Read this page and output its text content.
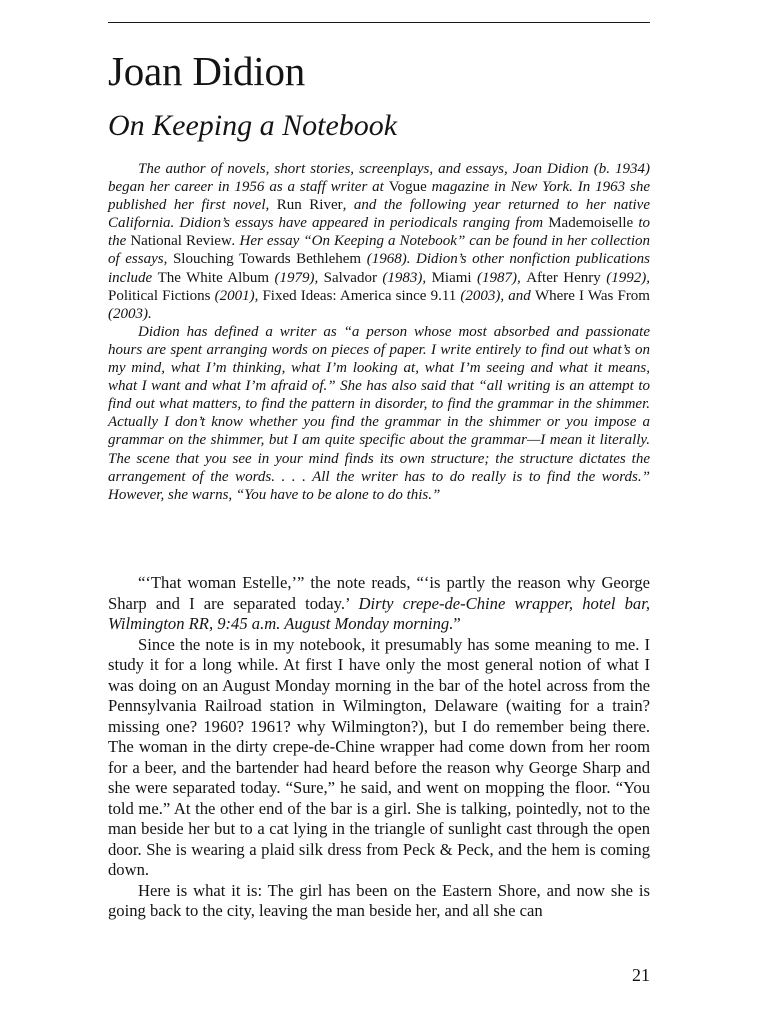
Joan Didion
On Keeping a Notebook

The author of novels, short stories, screenplays, and essays, Joan Didion (b. 1934) began her career in 1956 as a staff writer at Vogue magazine in New York. In 1963 she published her first novel, Run River, and the following year returned to her native California. Didion’s essays have appeared in periodicals ranging from Mademoiselle to the National Review. Her essay “On Keeping a Notebook” can be found in her collection of essays, Slouching Towards Bethlehem (1968). Didion’s other nonfiction publications include The White Album (1979), Salvador (1983), Miami (1987), After Henry (1992), Political Fictions (2001), Fixed Ideas: America since 9.11 (2003), and Where I Was From (2003).

Didion has defined a writer as “a person whose most absorbed and passionate hours are spent arranging words on pieces of paper. I write entirely to find out what’s on my mind, what I’m thinking, what I’m looking at, what I’m seeing and what it means, what I want and what I’m afraid of.” She has also said that “all writing is an attempt to find out what matters, to find the pattern in disorder, to find the grammar in the shimmer. Actually I don’t know whether you find the grammar in the shimmer or you impose a grammar on the shimmer, but I am quite specific about the grammar—I mean it literally. The scene that you see in your mind finds its own structure; the structure dictates the arrangement of the words. . . . All the writer has to do really is to find the words.” However, she warns, “You have to be alone to do this.”

“‘That woman Estelle,’” the note reads, “‘is partly the reason why George Sharp and I are separated today.’ Dirty crepe-de-Chine wrapper, hotel bar, Wilmington RR, 9:45 a.m. August Monday morning.”

Since the note is in my notebook, it presumably has some meaning to me. I study it for a long while. At first I have only the most general notion of what I was doing on an August Monday morning in the bar of the hotel across from the Pennsylvania Railroad station in Wilmington, Delaware (waiting for a train? missing one? 1960? 1961? why Wilmington?), but I do remember being there. The woman in the dirty crepe-de-Chine wrapper had come down from her room for a beer, and the bartender had heard before the reason why George Sharp and she were separated today. “Sure,” he said, and went on mopping the floor. “You told me.” At the other end of the bar is a girl. She is talking, pointedly, not to the man beside her but to a cat lying in the triangle of sunlight cast through the open door. She is wearing a plaid silk dress from Peck & Peck, and the hem is coming down.

Here is what it is: The girl has been on the Eastern Shore, and now she is going back to the city, leaving the man beside her, and all she can

21
